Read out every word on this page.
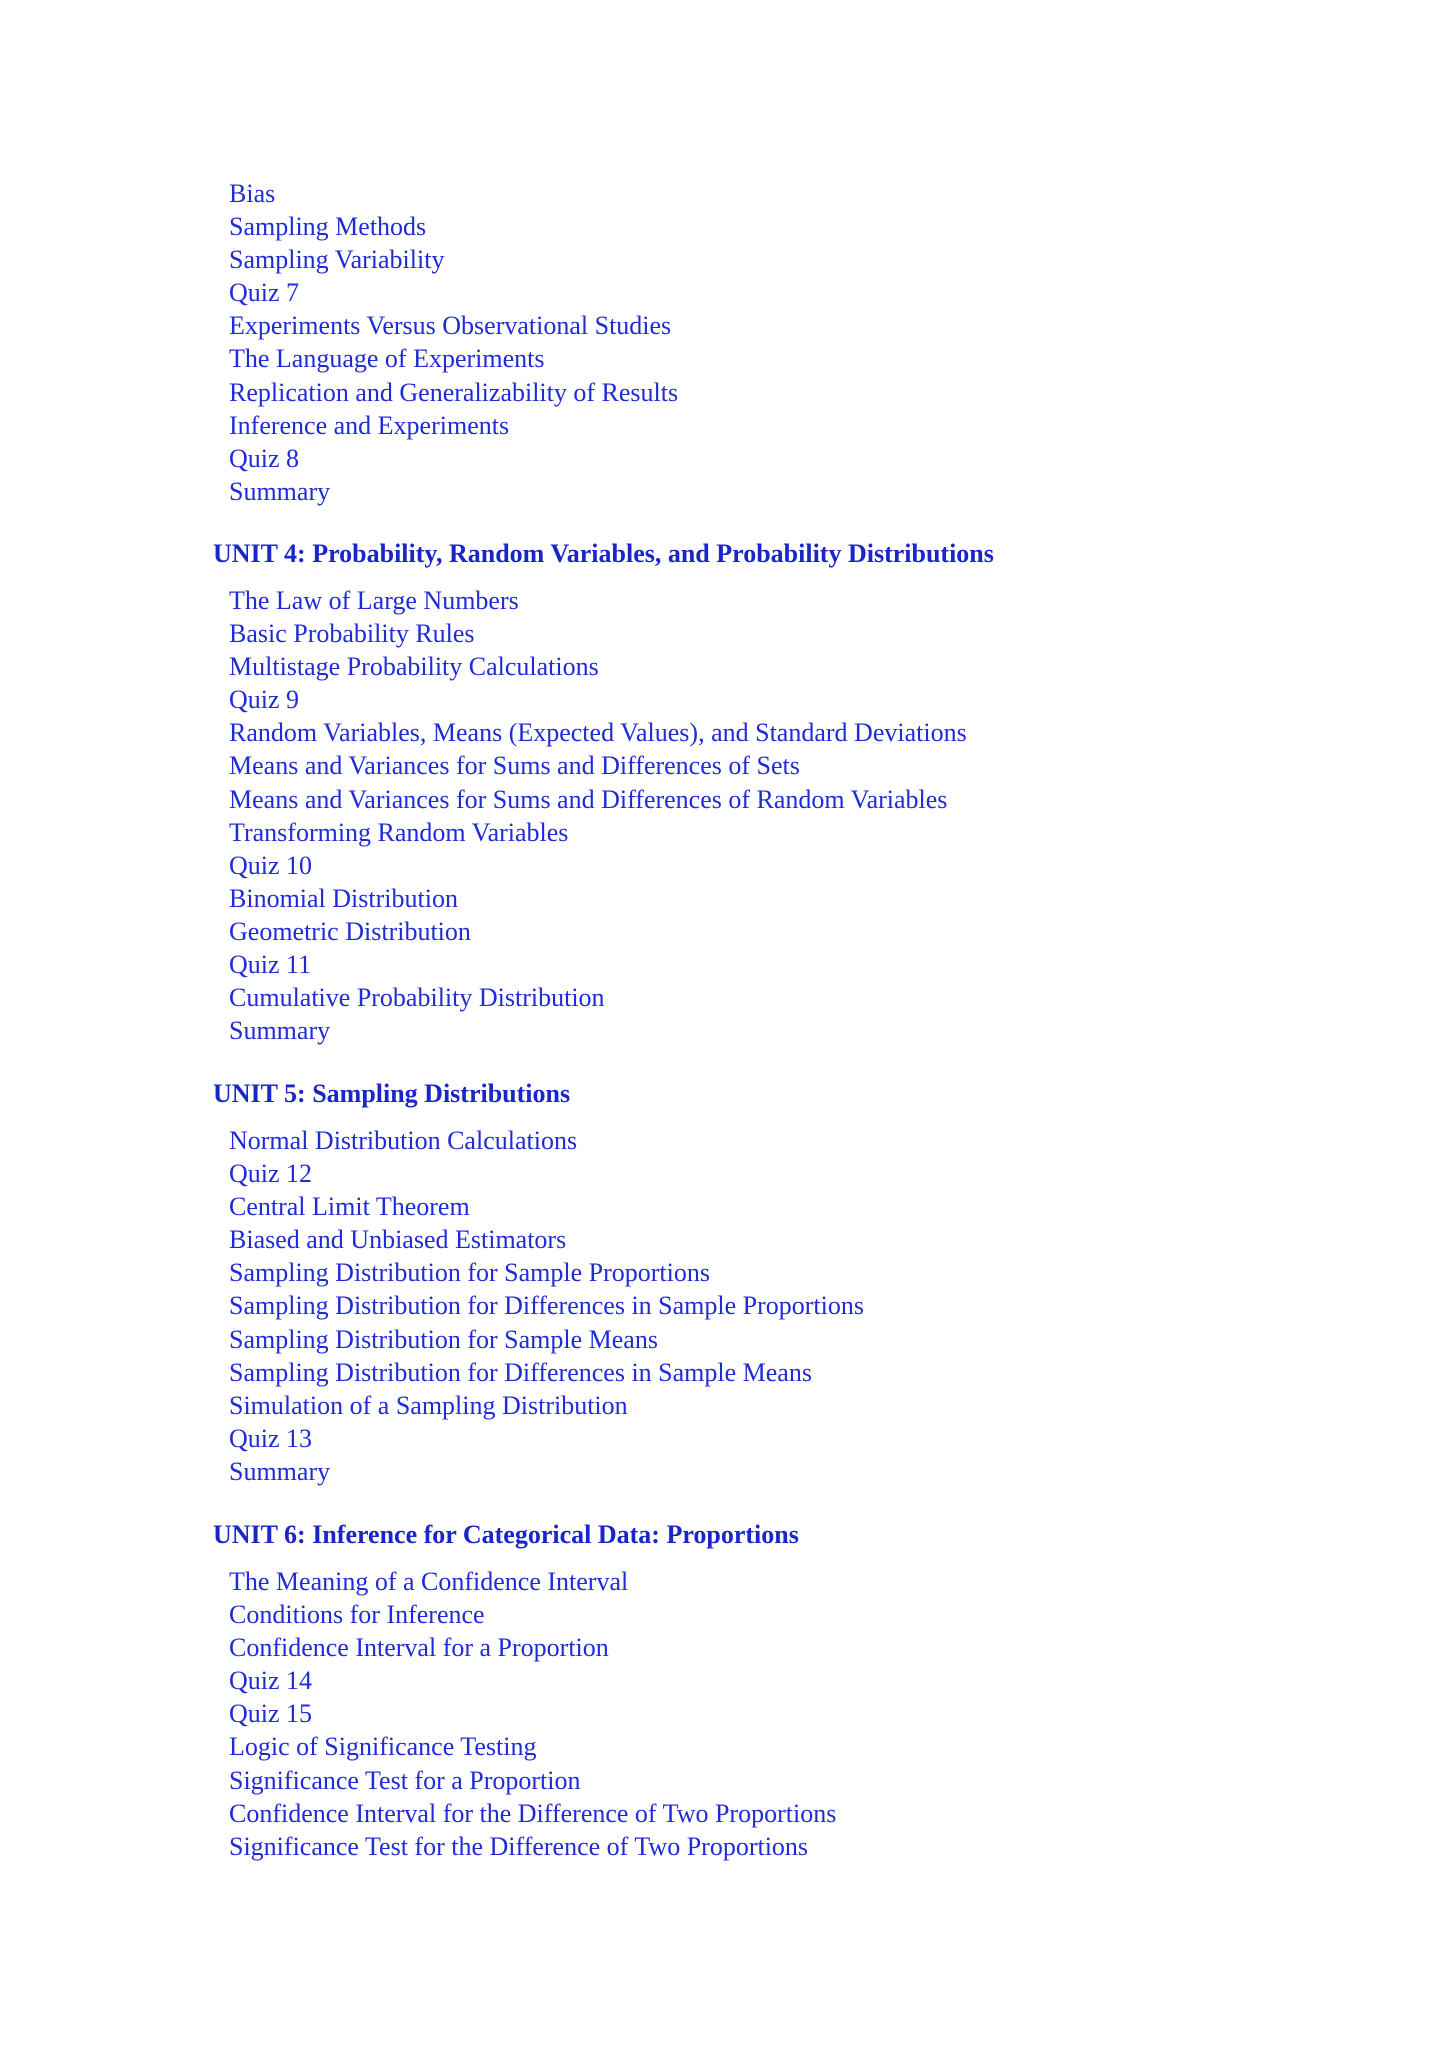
Bias
Sampling Methods
Sampling Variability
Quiz 7
Experiments Versus Observational Studies
The Language of Experiments
Replication and Generalizability of Results
Inference and Experiments
Quiz 8
Summary
UNIT 4: Probability, Random Variables, and Probability Distributions
The Law of Large Numbers
Basic Probability Rules
Multistage Probability Calculations
Quiz 9
Random Variables, Means (Expected Values), and Standard Deviations
Means and Variances for Sums and Differences of Sets
Means and Variances for Sums and Differences of Random Variables
Transforming Random Variables
Quiz 10
Binomial Distribution
Geometric Distribution
Quiz 11
Cumulative Probability Distribution
Summary
UNIT 5: Sampling Distributions
Normal Distribution Calculations
Quiz 12
Central Limit Theorem
Biased and Unbiased Estimators
Sampling Distribution for Sample Proportions
Sampling Distribution for Differences in Sample Proportions
Sampling Distribution for Sample Means
Sampling Distribution for Differences in Sample Means
Simulation of a Sampling Distribution
Quiz 13
Summary
UNIT 6: Inference for Categorical Data: Proportions
The Meaning of a Confidence Interval
Conditions for Inference
Confidence Interval for a Proportion
Quiz 14
Quiz 15
Logic of Significance Testing
Significance Test for a Proportion
Confidence Interval for the Difference of Two Proportions
Significance Test for the Difference of Two Proportions
